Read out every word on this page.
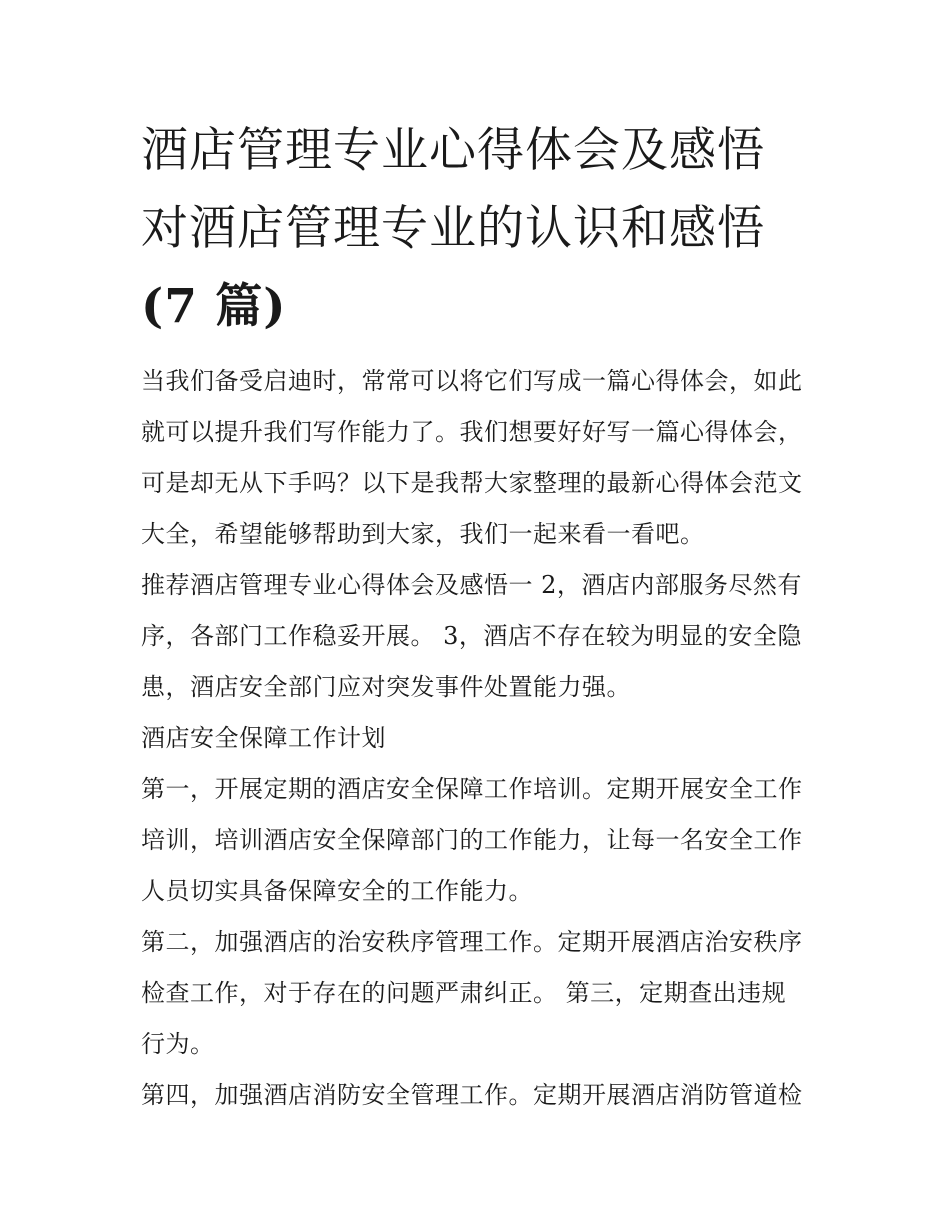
酒店管理专业心得体会及感悟
对酒店管理专业的认识和感悟
(7 篇)

当我们备受启迪时，常常可以将它们写成一篇心得体会，如此

就可以提升我们写作能力了。我们想要好好写一篇心得体会，

可是却无从下手吗？以下是我帮大家整理的最新心得体会范文

大全，希望能够帮助到大家，我们一起来看一看吧。

推荐酒店管理专业心得体会及感悟一 2，酒店内部服务尽然有

序，各部门工作稳妥开展。 3，酒店不存在较为明显的安全隐

患，酒店安全部门应对突发事件处置能力强。

酒店安全保障工作计划

第一，开展定期的酒店安全保障工作培训。定期开展安全工作

培训，培训酒店安全保障部门的工作能力，让每一名安全工作

人员切实具备保障安全的工作能力。

第二，加强酒店的治安秩序管理工作。定期开展酒店治安秩序

检查工作，对于存在的问题严肃纠正。 第三，定期查出违规

行为。

第四，加强酒店消防安全管理工作。定期开展酒店消防管道检
